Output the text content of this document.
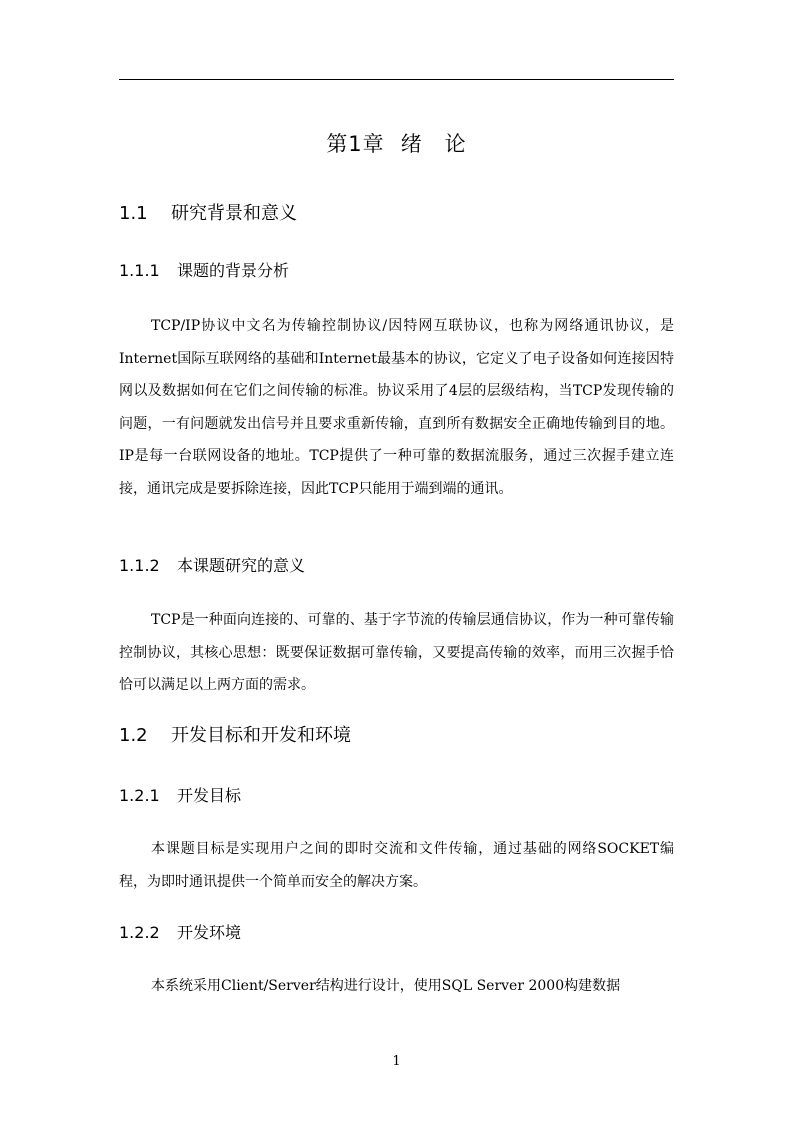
第1章 绪　论
1.1 研究背景和意义
1.1.1 课题的背景分析

TCP/IP协议中文名为传输控制协议/因特网互联协议，也称为网络通讯协议，是Internet国际互联网络的基础和Internet最基本的协议，它定义了电子设备如何连接因特网以及数据如何在它们之间传输的标准。协议采用了4层的层级结构，当TCP发现传输的问题，一有问题就发出信号并且要求重新传输，直到所有数据安全正确地传输到目的地。IP是每一台联网设备的地址。TCP提供了一种可靠的数据流服务，通过三次握手建立连接，通讯完成是要拆除连接，因此TCP只能用于端到端的通讯。

1.1.2 本课题研究的意义

TCP是一种面向连接的、可靠的、基于字节流的传输层通信协议，作为一种可靠传输控制协议，其核心思想：既要保证数据可靠传输，又要提高传输的效率，而用三次握手恰恰可以满足以上两方面的需求。

1.2 开发目标和开发和环境
1.2.1 开发目标

本课题目标是实现用户之间的即时交流和文件传输，通过基础的网络SOCKET编程，为即时通讯提供一个简单而安全的解决方案。

1.2.2 开发环境

本系统采用Client/Server结构进行设计，使用SQL Server 2000构建数据

1
